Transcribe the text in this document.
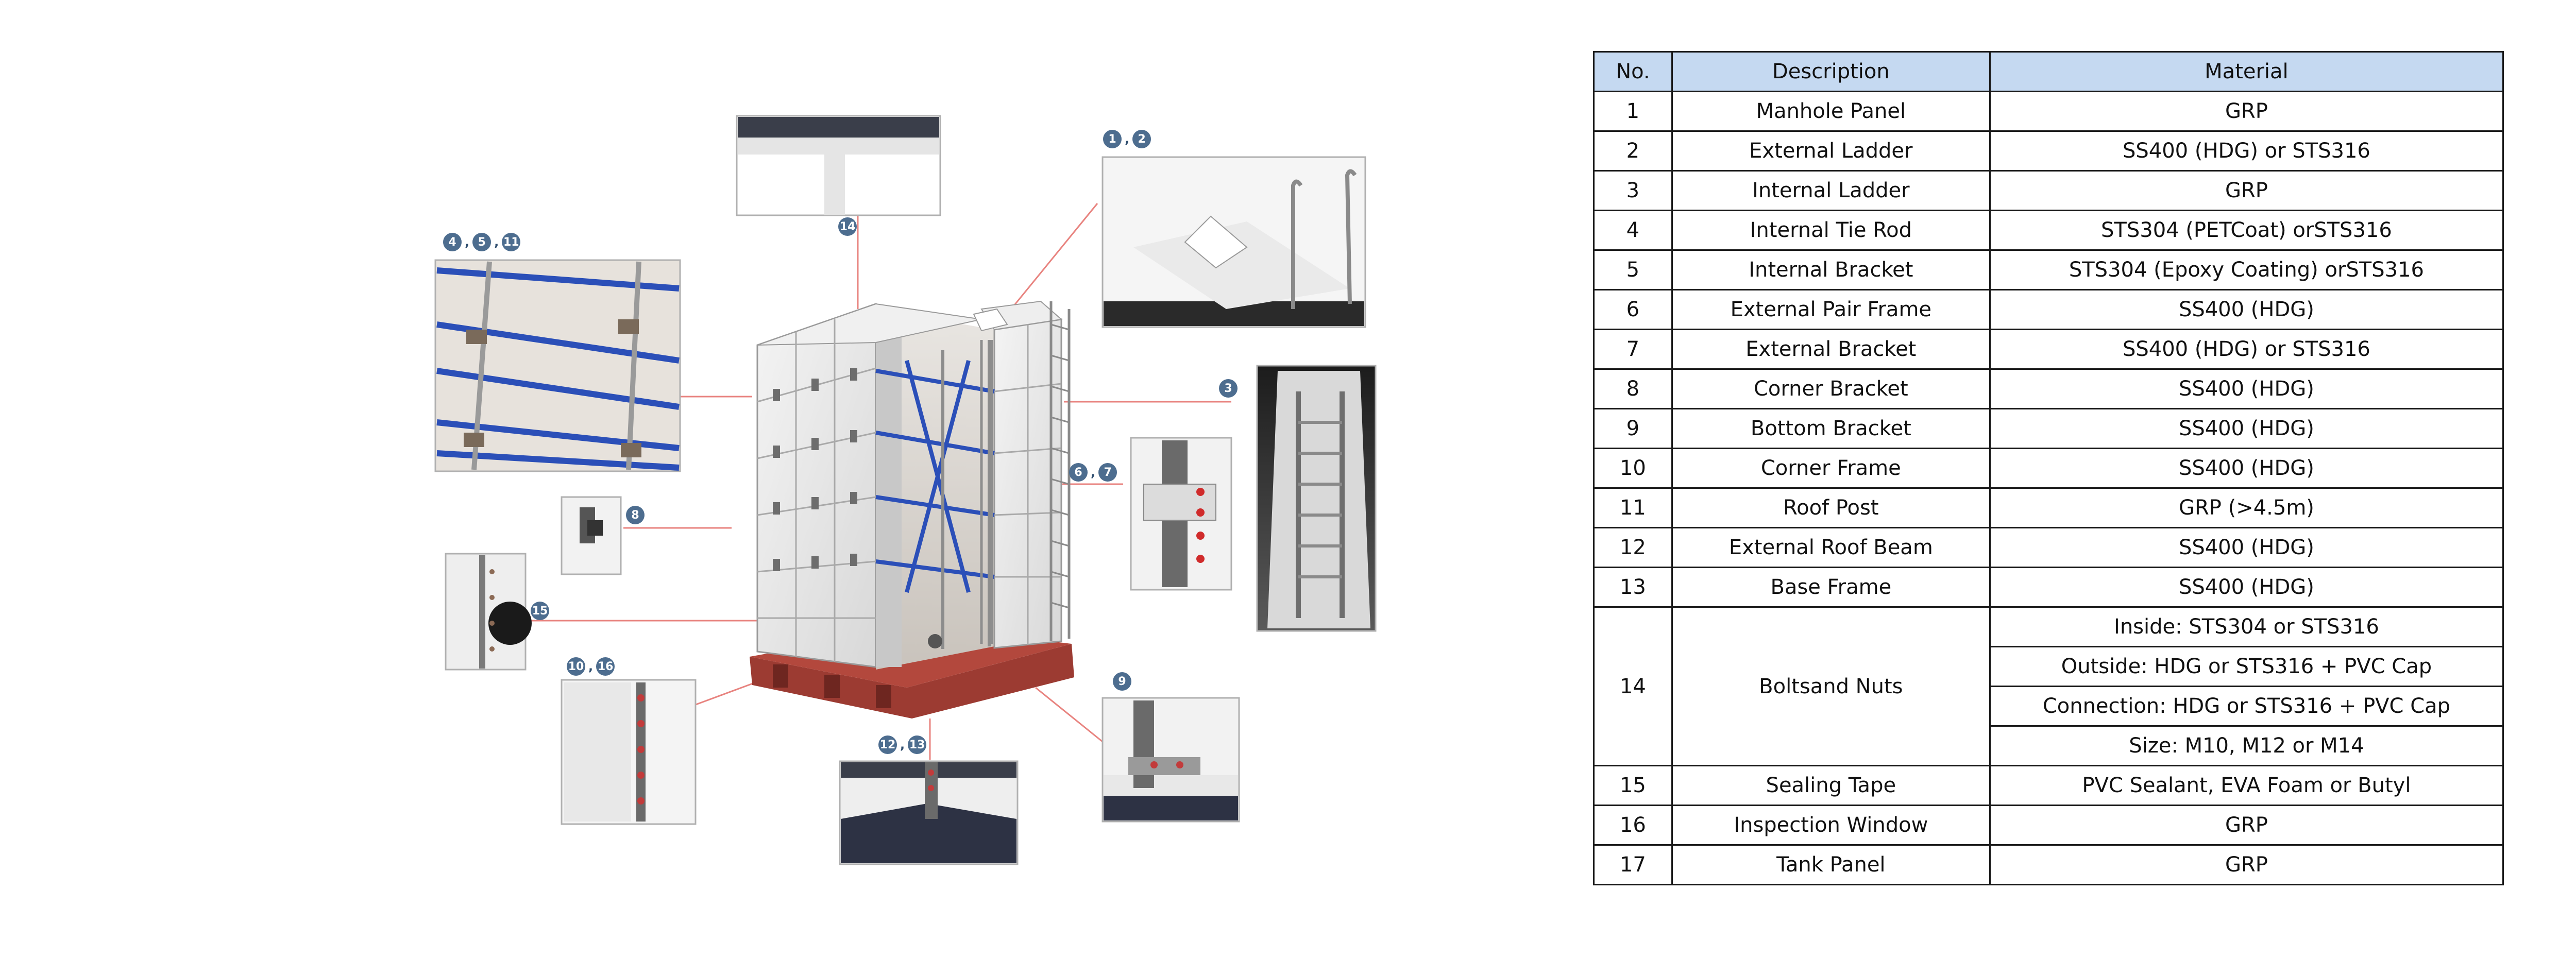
14
1 , 2
4 , 5 , 11
3
6 , 7
8
15
10 , 16
9
12 , 13
No.	Description	Material
1	Manhole Panel	GRP
2	External Ladder	SS400 (HDG) or STS316
3	Internal Ladder	GRP
4	Internal Tie Rod	STS304 (PETCoat) orSTS316
5	Internal Bracket	STS304 (Epoxy Coating) orSTS316
6	External Pair Frame	SS400 (HDG)
7	External Bracket	SS400 (HDG) or STS316
8	Corner Bracket	SS400 (HDG)
9	Bottom Bracket	SS400 (HDG)
10	Corner Frame	SS400 (HDG)
11	Roof Post	GRP (>4.5m)
12	External Roof Beam	SS400 (HDG)
13	Base Frame	SS400 (HDG)
14	Boltsand Nuts	Inside: STS304 or STS316
		Outside: HDG or STS316 + PVC Cap
		Connection: HDG or STS316 + PVC Cap
		Size: M10, M12 or M14
15	Sealing Tape	PVC Sealant, EVA Foam or Butyl
16	Inspection Window	GRP
17	Tank Panel	GRP
